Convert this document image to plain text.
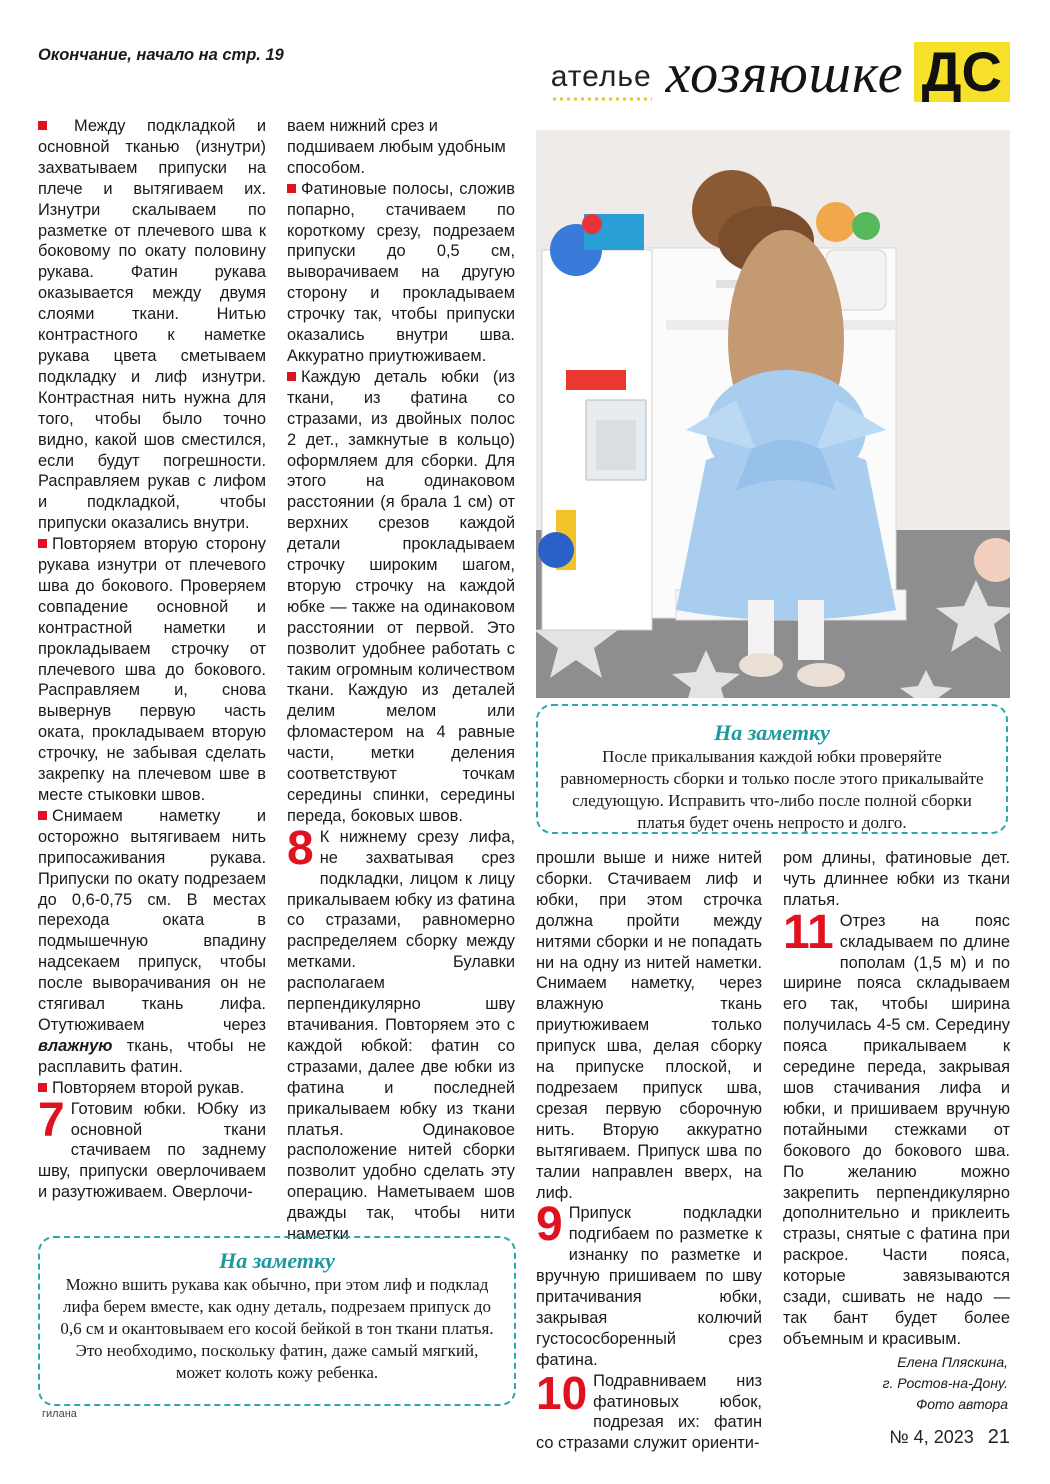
Окончание, начало на стр. 19
ателье хозяюшке ДС

Между подкладкой и основной тканью (изнутри) захватываем припуски на плече и вытягиваем их. Изнутри скалываем по разметке от плечевого шва к боковому по окату половину рукава. Фатин рукава оказывается между двумя слоями ткани. Нитью контрастного к наметке рукава цвета сметываем подкладку и лиф изнутри. Контрастная нить нужна для того, чтобы было точно видно, какой шов сместился, если будут погрешности. Расправляем рукав с лифом и подкладкой, чтобы припуски оказались внутри.

Повторяем вторую сторону рукава изнутри от плечевого шва до бокового. Проверяем совпадение основной и контрастной наметки и прокладываем строчку от плечевого шва до бокового. Расправляем и, снова вывернув первую часть оката, прокладываем вторую строчку, не забывая сделать закрепку на плечевом шве в месте стыковки швов.

Снимаем наметку и осторожно вытягиваем нить припосаживания рукава. Припуски по окату подрезаем до 0,6-0,75 см. В местах перехода оката в подмышечную впадину надсекаем припуск, чтобы после выворачивания он не стягивал ткань лифа. Отутюживаем через влажную ткань, чтобы не расплавить фатин.

Повторяем второй рукав.

7 Готовим юбки. Юбку из основной ткани стачиваем по заднему шву, припуски оверлочиваем и разутюживаем. Оверлочи-

ваем нижний срез и подшиваем любым удобным способом.

Фатиновые полосы, сложив попарно, стачиваем по короткому срезу, подрезаем припуски до 0,5 см, выворачиваем на другую сторону и прокладываем строчку так, чтобы припуски оказались внутри шва. Аккуратно приутюживаем.

Каждую деталь юбки (из ткани, из фатина со стразами, из двойных полос 2 дет., замкнутые в кольцо) оформляем для сборки. Для этого на одинаковом расстоянии (я брала 1 см) от верхних срезов каждой детали прокладываем строчку широким шагом, вторую строчку на каждой юбке — также на одинаковом расстоянии от первой. Это позволит удобнее работать с таким огромным количеством ткани. Каждую из деталей делим мелом или фломастером на 4 равные части, метки деления соответствуют точкам середины спинки, середины переда, боковых швов.

8 К нижнему срезу лифа, не захватывая срез подкладки, лицом к лицу прикалываем юбку из фатина со стразами, равномерно распределяем сборку между метками. Булавки располагаем перпендикулярно шву втачивания. Повторяем это с каждой юбкой: фатин со стразами, далее две юбки из фатина и последней прикалываем юбку из ткани платья. Одинаковое расположение нитей сборки позволит удобно сделать эту операцию. Наметываем шов дважды так, чтобы нити наметки

На заметку
После прикалывания каждой юбки проверяйте равномерность сборки и только после этого прикалывайте следующую. Исправить что-либо после полной сборки платья будет очень непросто и долго.

прошли выше и ниже нитей сборки. Стачиваем лиф и юбки, при этом строчка должна пройти между нитями сборки и не попадать ни на одну из нитей наметки. Снимаем наметку, через влажную ткань приутюживаем только припуск шва, делая сборку на припуске плоской, и подрезаем припуск шва, срезая первую сборочную нить. Вторую аккуратно вытягиваем. Припуск шва по талии направлен вверх, на лиф.

9 Припуск подкладки подгибаем по разметке к изнанку по разметке и вручную пришиваем по шву притачивания юбки, закрывая колючий густососборенный срез фатина.

10 Подравниваем низ фатиновых юбок, подрезая их: фатин со стразами служит ориенти-

ром длины, фатиновые дет. чуть длиннее юбки из ткани платья.

11 Отрез на пояс складываем по длине пополам (1,5 м) и по ширине пояса складываем его так, чтобы ширина получилась 4-5 см. Середину пояса прикалываем к середине переда, закрывая шов стачивания лифа и юбки, и пришиваем вручную потайными стежками от бокового до бокового шва. По желанию можно закрепить перпендикулярно дополнительно и приклеить стразы, снятые с фатина при раскрое. Части пояса, которые завязываются сзади, сшивать не надо — так бант будет более объемным и красивым.

Елена Пляскина,
г. Ростов-на-Дону.
Фото автора
На заметку
Можно вшить рукава как обычно, при этом лиф и подклад лифа берем вместе, как одну деталь, подрезаем припуск до 0,6 см и окантовываем его косой бейкой в тон ткани платья. Это необходимо, поскольку фатин, даже самый мягкий, может колоть кожу ребенка.
гилана
№ 4, 2023 21
